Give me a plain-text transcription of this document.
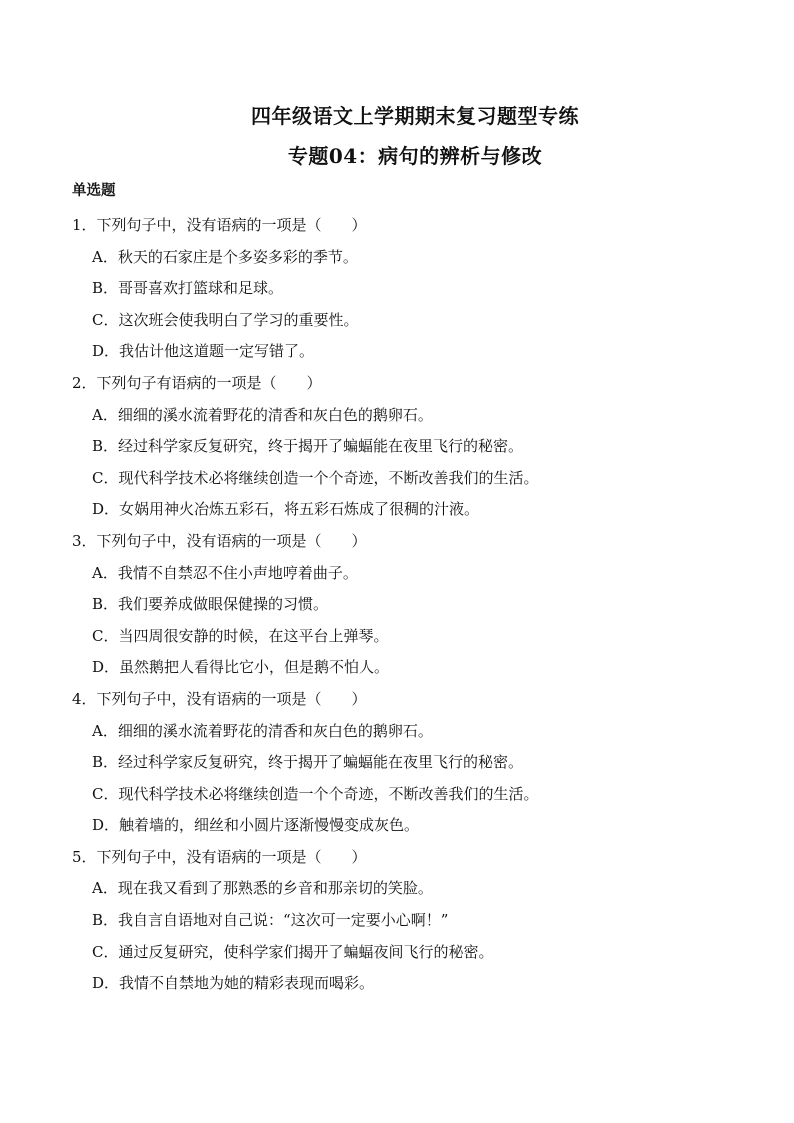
四年级语文上学期期末复习题型专练
专题04：病句的辨析与修改
单选题
1．下列句子中，没有语病的一项是（　　）
A．秋天的石家庄是个多姿多彩的季节。
B．哥哥喜欢打篮球和足球。
C．这次班会使我明白了学习的重要性。
D．我估计他这道题一定写错了。
2．下列句子有语病的一项是（　　）
A．细细的溪水流着野花的清香和灰白色的鹅卵石。
B．经过科学家反复研究，终于揭开了蝙蝠能在夜里飞行的秘密。
C．现代科学技术必将继续创造一个个奇迹，不断改善我们的生活。
D．女娲用神火冶炼五彩石，将五彩石炼成了很稠的汁液。
3．下列句子中，没有语病的一项是（　　）
A．我情不自禁忍不住小声地哼着曲子。
B．我们要养成做眼保健操的习惯。
C．当四周很安静的时候，在这平台上弹琴。
D．虽然鹅把人看得比它小，但是鹅不怕人。
4．下列句子中，没有语病的一项是（　　）
A．细细的溪水流着野花的清香和灰白色的鹅卵石。
B．经过科学家反复研究，终于揭开了蝙蝠能在夜里飞行的秘密。
C．现代科学技术必将继续创造一个个奇迹，不断改善我们的生活。
D．触着墙的，细丝和小圆片逐渐慢慢变成灰色。
5．下列句子中，没有语病的一项是（　　）
A．现在我又看到了那熟悉的乡音和那亲切的笑脸。
B．我自言自语地对自己说：“这次可一定要小心啊！”
C．通过反复研究，使科学家们揭开了蝙蝠夜间飞行的秘密。
D．我情不自禁地为她的精彩表现而喝彩。
